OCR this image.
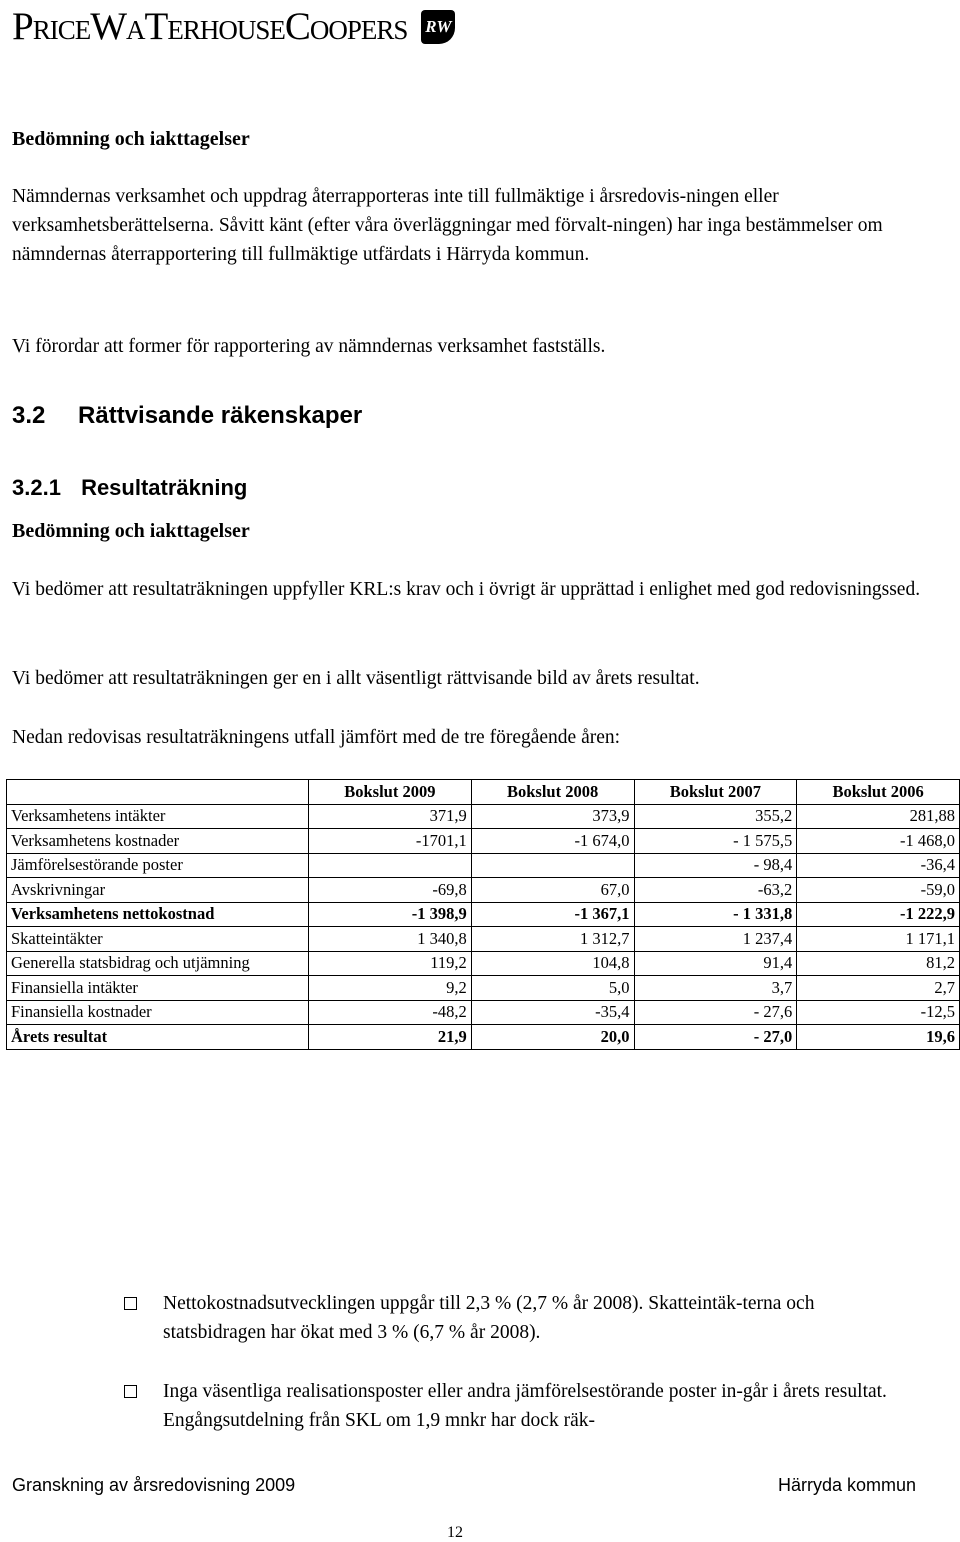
PriceWaTerhouseCoopers RW
Bedömning och iakttagelser
Nämndernas verksamhet och uppdrag återrapporteras inte till fullmäktige i årsredovis-ningen eller verksamhetsberättelserna. Såvitt känt (efter våra överläggningar med förvalt-ningen) har inga bestämmelser om nämndernas återrapportering till fullmäktige utfärdats i Härryda kommun.
Vi förordar att former för rapportering av nämndernas verksamhet fastställs.
3.2 Rättvisande räkenskaper
3.2.1 Resultaträkning
Bedömning och iakttagelser
Vi bedömer att resultaträkningen uppfyller KRL:s krav och i övrigt är upprättad i enlighet med god redovisningssed.
Vi bedömer att resultaträkningen ger en i allt väsentligt rättvisande bild av årets resultat.
Nedan redovisas resultaträkningens utfall jämfört med de tre föregående åren:
	Bokslut 2009	Bokslut 2008	Bokslut 2007	Bokslut 2006
Verksamhetens intäkter	371,9	373,9	355,2	281,88
Verksamhetens kostnader	-1701,1	-1 674,0	- 1 575,5	-1 468,0
Jämförelsestörande poster			- 98,4	-36,4
Avskrivningar	-69,8	67,0	-63,2	-59,0
Verksamhetens nettokostnad	-1 398,9	-1 367,1	- 1 331,8	-1 222,9
Skatteintäkter	1 340,8	1 312,7	1 237,4	1 171,1
Generella statsbidrag och utjämning	119,2	104,8	91,4	81,2
Finansiella intäkter	9,2	5,0	3,7	2,7
Finansiella kostnader	-48,2	-35,4	- 27,6	-12,5
Årets resultat	21,9	20,0	- 27,0	19,6
Nettokostnadsutvecklingen uppgår till 2,3 % (2,7 % år 2008). Skatteintäk-terna och statsbidragen har ökat med 3 % (6,7 % år 2008).
Inga väsentliga realisationsposter eller andra jämförelsestörande poster in-går i årets resultat. Engångsutdelning från SKL om 1,9 mnkr har dock räk-
Granskning av årsredovisning 2009	Härryda kommun
12
